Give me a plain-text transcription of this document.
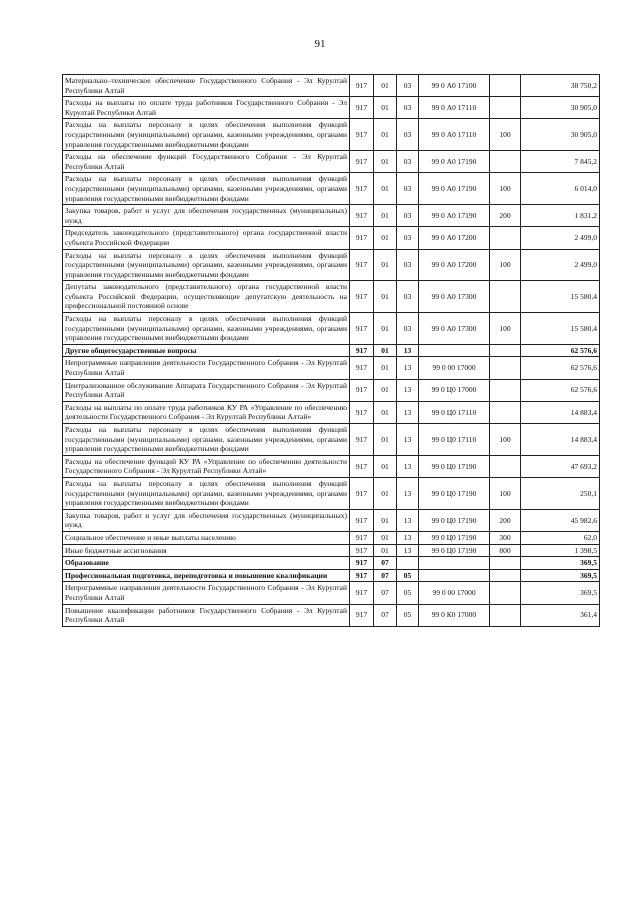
91
Материально–техническое обеспечение Государственного Собрания - Эл Курултай Республики Алтай	917	01	03	99 0 А0 17100		38 750,2
Расходы на выплаты по оплате труда работников Государственного Собрания - Эл Курултай Республики Алтай	917	01	03	99 0 А0 17110		30 905,0
Расходы на выплаты персоналу в целях обеспечения выполнения функций государственными (муниципальными) органами, казенными учреждениями, органами управления государственными внебюджетными фондами	917	01	03	99 0 А0 17110	100	30 905,0
Расходы на обеспечение функций Государственного Собрания - Эл Курултай Республики Алтай	917	01	03	99 0 А0 17190		7 845,2
Расходы на выплаты персоналу в целях обеспечения выполнения функций государственными (муниципальными) органами, казенными учреждениями, органами управления государственными внебюджетными фондами	917	01	03	99 0 А0 17190	100	6 014,0
Закупка товаров, работ и услуг для обеспечения государственных (муниципальных) нужд	917	01	03	99 0 А0 17190	200	1 831,2
Председатель законодательного (представительного) органа государственной власти субъекта Российской Федерации	917	01	03	99 0 А0 17200		2 499,0
Расходы на выплаты персоналу в целях обеспечения выполнения функций государственными (муниципальными) органами, казенными учреждениями, органами управления государственными внебюджетными фондами	917	01	03	99 0 А0 17200	100	2 499,0
Депутаты законодательного (представительного) органа государственной власти субъекта Российской Федерации, осуществляющие депутатскую деятельность на профессиональной постоянной основе	917	01	03	99 0 А0 17300		15 580,4
Расходы на выплаты персоналу в целях обеспечения выполнения функций государственными (муниципальными) органами, казенными учреждениями, органами управления государственными внебюджетными фондами	917	01	03	99 0 А0 17300	100	15 580,4
Другие общегосударственные вопросы	917	01	13			62 576,6
Непрограммные направления деятельности Государственного Собрания - Эл Курултай Республики Алтай	917	01	13	99 0 00 17000		62 576,6
Централизованное обслуживание Аппарата Государственного Собрания - Эл Курултай Республики Алтай	917	01	13	99 0 Ц0 17000		62 576,6
Расходы на выплаты по оплате труда работников КУ РА «Управление по обеспечению деятельности Государственного Собрания - Эл Курултай Республики Алтай»	917	01	13	99 0 Ц0 17110		14 883,4
Расходы на выплаты персоналу в целях обеспечения выполнения функций государственными (муниципальными) органами, казенными учреждениями, органами управления государственными внебюджетными фондами	917	01	13	99 0 Ц0 17110	100	14 883,4
Расходы на обеспечение функций КУ РА «Управление по обеспечению деятельности Государственного Собрания - Эл Курултай Республики Алтай»	917	01	13	99 0 Ц0 17190		47 693,2
Расходы на выплаты персоналу в целях обеспечения выполнения функций государственными (муниципальными) органами, казенными учреждениями, органами управления государственными внебюджетными фондами	917	01	13	99 0 Ц0 17190	100	250,1
Закупка товаров, работ и услуг для обеспечения государственных (муниципальных) нужд	917	01	13	99 0 Ц0 17190	200	45 982,6
Социальное обеспечение и иные выплаты населению	917	01	13	99 0 Ц0 17190	300	62,0
Иные бюджетные ассигнования	917	01	13	99 0 Ц0 17190	800	1 398,5
Образование	917	07				369,5
Профессиональная подготовка, переподготовка и повышение квалификации	917	07	05			369,5
Непрограммные направления деятельности Государственного Собрания - Эл Курултай Республики Алтай	917	07	05	99 0 00 17000		369,5
Повышение квалификации работников Государственного Собрания - Эл Курултай Республики Алтай	917	07	05	99 0 К0 17000		361,4
